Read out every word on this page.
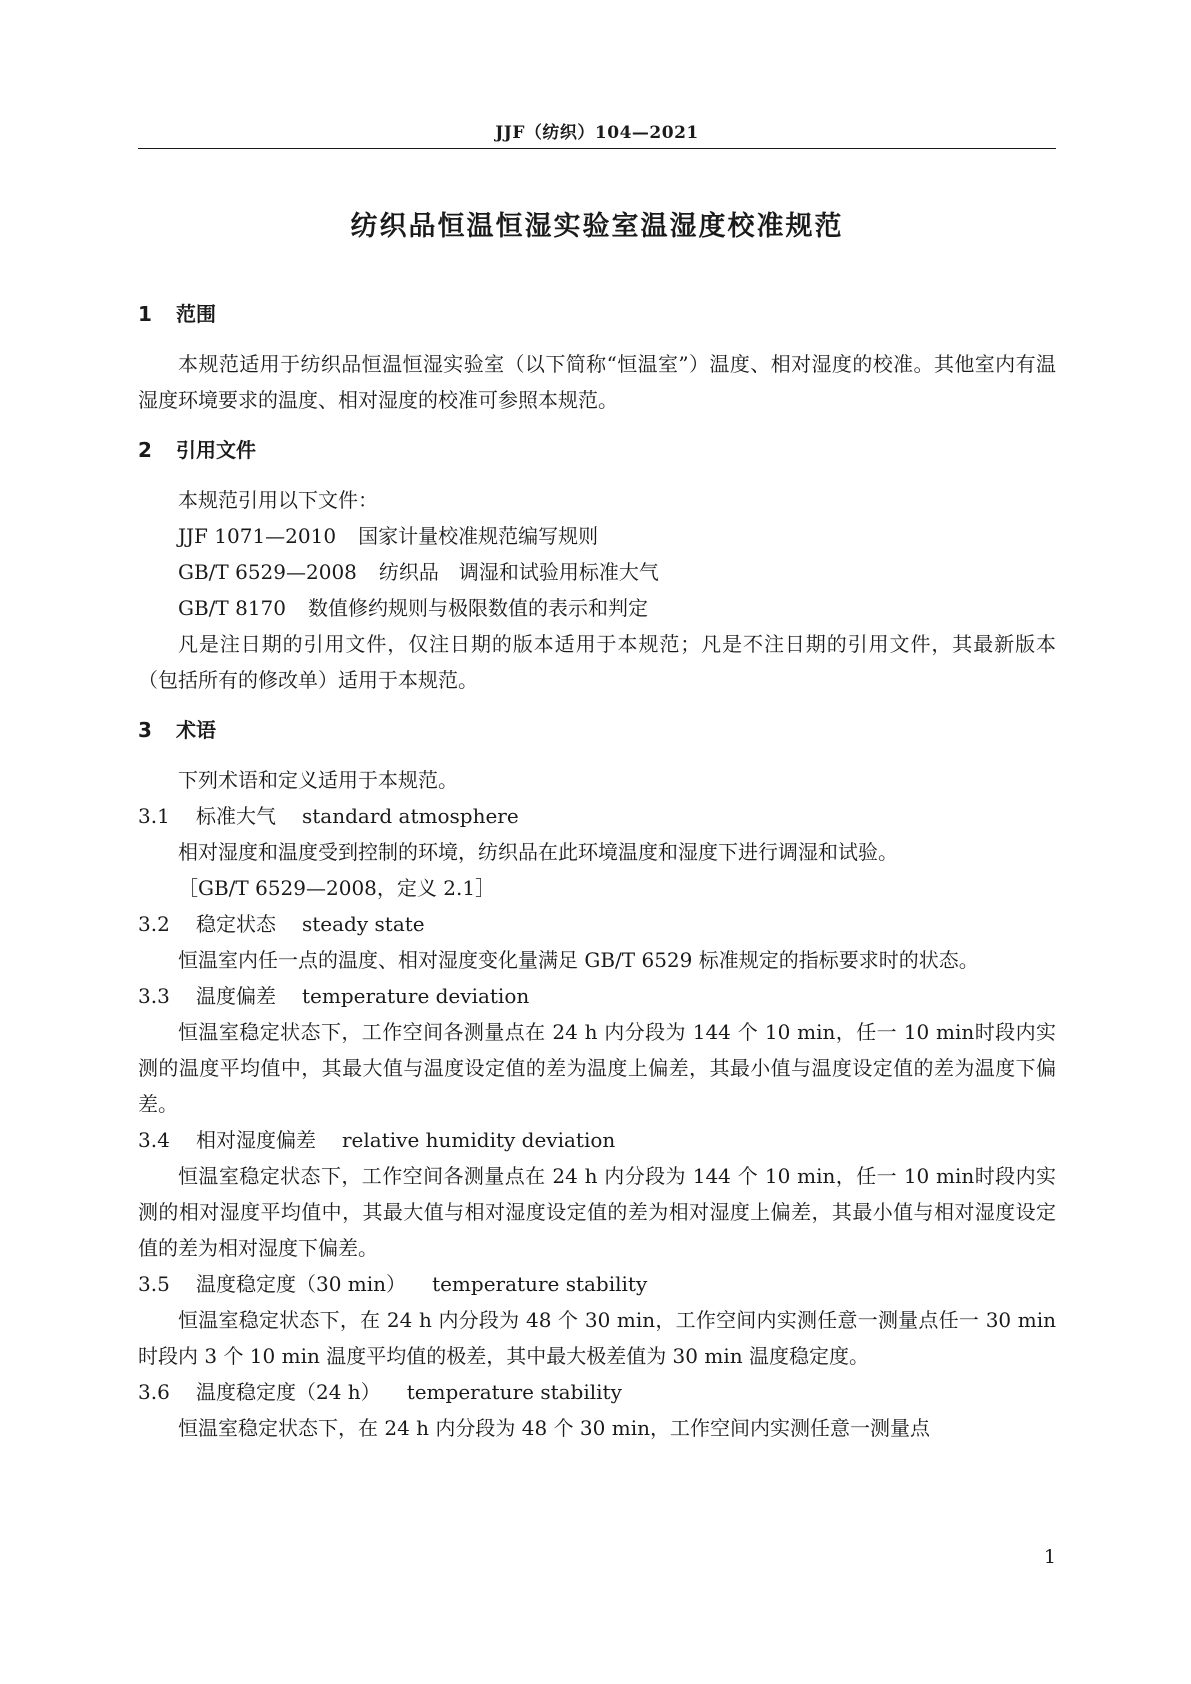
JJF（纺织）104—2021
纺织品恒温恒湿实验室温湿度校准规范
1 范围

本规范适用于纺织品恒温恒湿实验室（以下简称“恒温室”）温度、相对湿度的校准。其他室内有温湿度环境要求的温度、相对湿度的校准可参照本规范。

2 引用文件

本规范引用以下文件：

JJF 1071—2010 国家计量校准规范编写规则

GB/T 6529—2008 纺织品　调湿和试验用标准大气

GB/T 8170 数值修约规则与极限数值的表示和判定

凡是注日期的引用文件，仅注日期的版本适用于本规范；凡是不注日期的引用文件，其最新版本（包括所有的修改单）适用于本规范。

3 术语

下列术语和定义适用于本规范。

3.1 标准大气 standard atmosphere

相对湿度和温度受到控制的环境，纺织品在此环境温度和湿度下进行调湿和试验。

［GB/T 6529—2008，定义 2.1］

3.2 稳定状态 steady state

恒温室内任一点的温度、相对湿度变化量满足 GB/T 6529 标准规定的指标要求时的状态。

3.3 温度偏差 temperature deviation

恒温室稳定状态下，工作空间各测量点在 24 h 内分段为 144 个 10 min，任一 10 min时段内实测的温度平均值中，其最大值与温度设定值的差为温度上偏差，其最小值与温度设定值的差为温度下偏差。

3.4 相对湿度偏差 relative humidity deviation

恒温室稳定状态下，工作空间各测量点在 24 h 内分段为 144 个 10 min，任一 10 min时段内实测的相对湿度平均值中，其最大值与相对湿度设定值的差为相对湿度上偏差，其最小值与相对湿度设定值的差为相对湿度下偏差。

3.5 温度稳定度（30 min） temperature stability

恒温室稳定状态下，在 24 h 内分段为 48 个 30 min，工作空间内实测任意一测量点任一 30 min 时段内 3 个 10 min 温度平均值的极差，其中最大极差值为 30 min 温度稳定度。

3.6 温度稳定度（24 h） temperature stability

恒温室稳定状态下，在 24 h 内分段为 48 个 30 min，工作空间内实测任意一测量点

1
